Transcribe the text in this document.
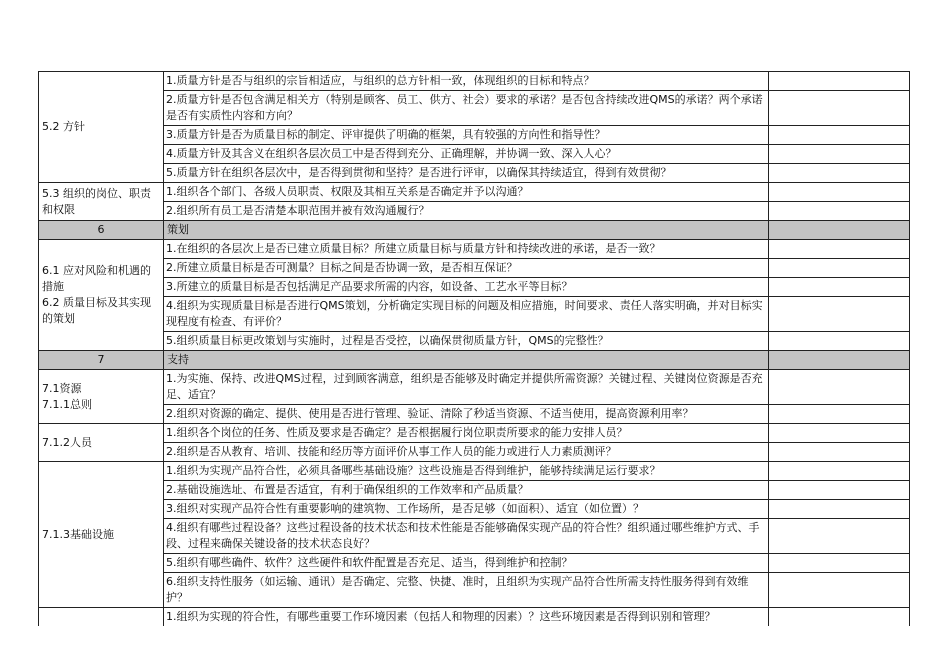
5.2 方针	1.质量方针是否与组织的宗旨相适应，与组织的总方针相一致，体现组织的目标和特点？	
	2.质量方针是否包含满足相关方（特别是顾客、员工、供方、社会）要求的承诺？是否包含持续改进QMS的承诺？两个承诺是否有实质性内容和方向？	
	3.质量方针是否为质量目标的制定、评审提供了明确的框架，具有较强的方向性和指导性？	
	4.质量方针及其含义在组织各层次员工中是否得到充分、正确理解，并协调一致、深入人心？	
	5.质量方针在组织各层次中，是否得到贯彻和坚持？是否进行评审，以确保其持续适宜，得到有效贯彻？	

5.3 组织的岗位、职责和权限	1.组织各个部门、各级人员职责、权限及其相互关系是否确定并予以沟通？	
	2.组织所有员工是否清楚本职范围并被有效沟通履行？	
6	策划	

6.1 应对风险和机遇的措施
6.2 质量目标及其实现的策划	1.在组织的各层次上是否已建立质量目标？所建立质量目标与质量方针和持续改进的承诺，是否一致？	
	2.所建立质量目标是否可测量？目标之间是否协调一致，是否相互保证？	
	3.所建立的质量目标是否包括满足产品要求所需的内容，如设备、工艺水平等目标？	
	4.组织为实现质量目标是否进行QMS策划，分析确定实现目标的问题及相应措施，时间要求、责任人落实明确，并对目标实现程度有检查、有评价？	
	5.组织质量目标更改策划与实施时，过程是否受控，以确保贯彻质量方针，QMS的完整性？	
7	支持	

7.1资源
7.1.1总则	1.为实施、保持、改进QMS过程，过到顾客满意，组织是否能够及时确定并提供所需资源？关键过程、关键岗位资源是否充足、适宜？	
	2.组织对资源的确定、提供、使用是否进行管理、验证、清除了秒适当资源、不适当使用，提高资源利用率？	

7.1.2人员	1.组织各个岗位的任务、性质及要求是否确定？是否根据履行岗位职责所要求的能力安排人员？	
	2.组织是否从教育、培训、技能和经历等方面评价从事工作人员的能力或进行人力素质测评？	

7.1.3基础设施	1.组织为实现产品符合性，必须具备哪些基础设施？这些设施是否得到维护，能够持续满足运行要求？	
	2.基础设施选址、布置是否适宜，有利于确保组织的工作效率和产品质量？	
	3.组织对实现产品符合性有重要影响的建筑物、工作场所，是否足够（如面积）、适宜（如位置）？	
	4.组织有哪些过程设备？这些过程设备的技术状态和技术性能是否能够确保实现产品的符合性？组织通过哪些维护方式、手段、过程来确保关键设备的技术状态良好？	
	5.组织有哪些确件、软件？这些硬件和软件配置是否充足、适当，得到维护和控制？	
	6.组织支持性服务（如运输、通讯）是否确定、完整、快捷、准时，且组织为实现产品符合性所需支持性服务得到有效维护？	
	1.组织为实现的符合性，有哪些重要工作环境因素（包括人和物理的因素）？这些环境因素是否得到识别和管理？	
